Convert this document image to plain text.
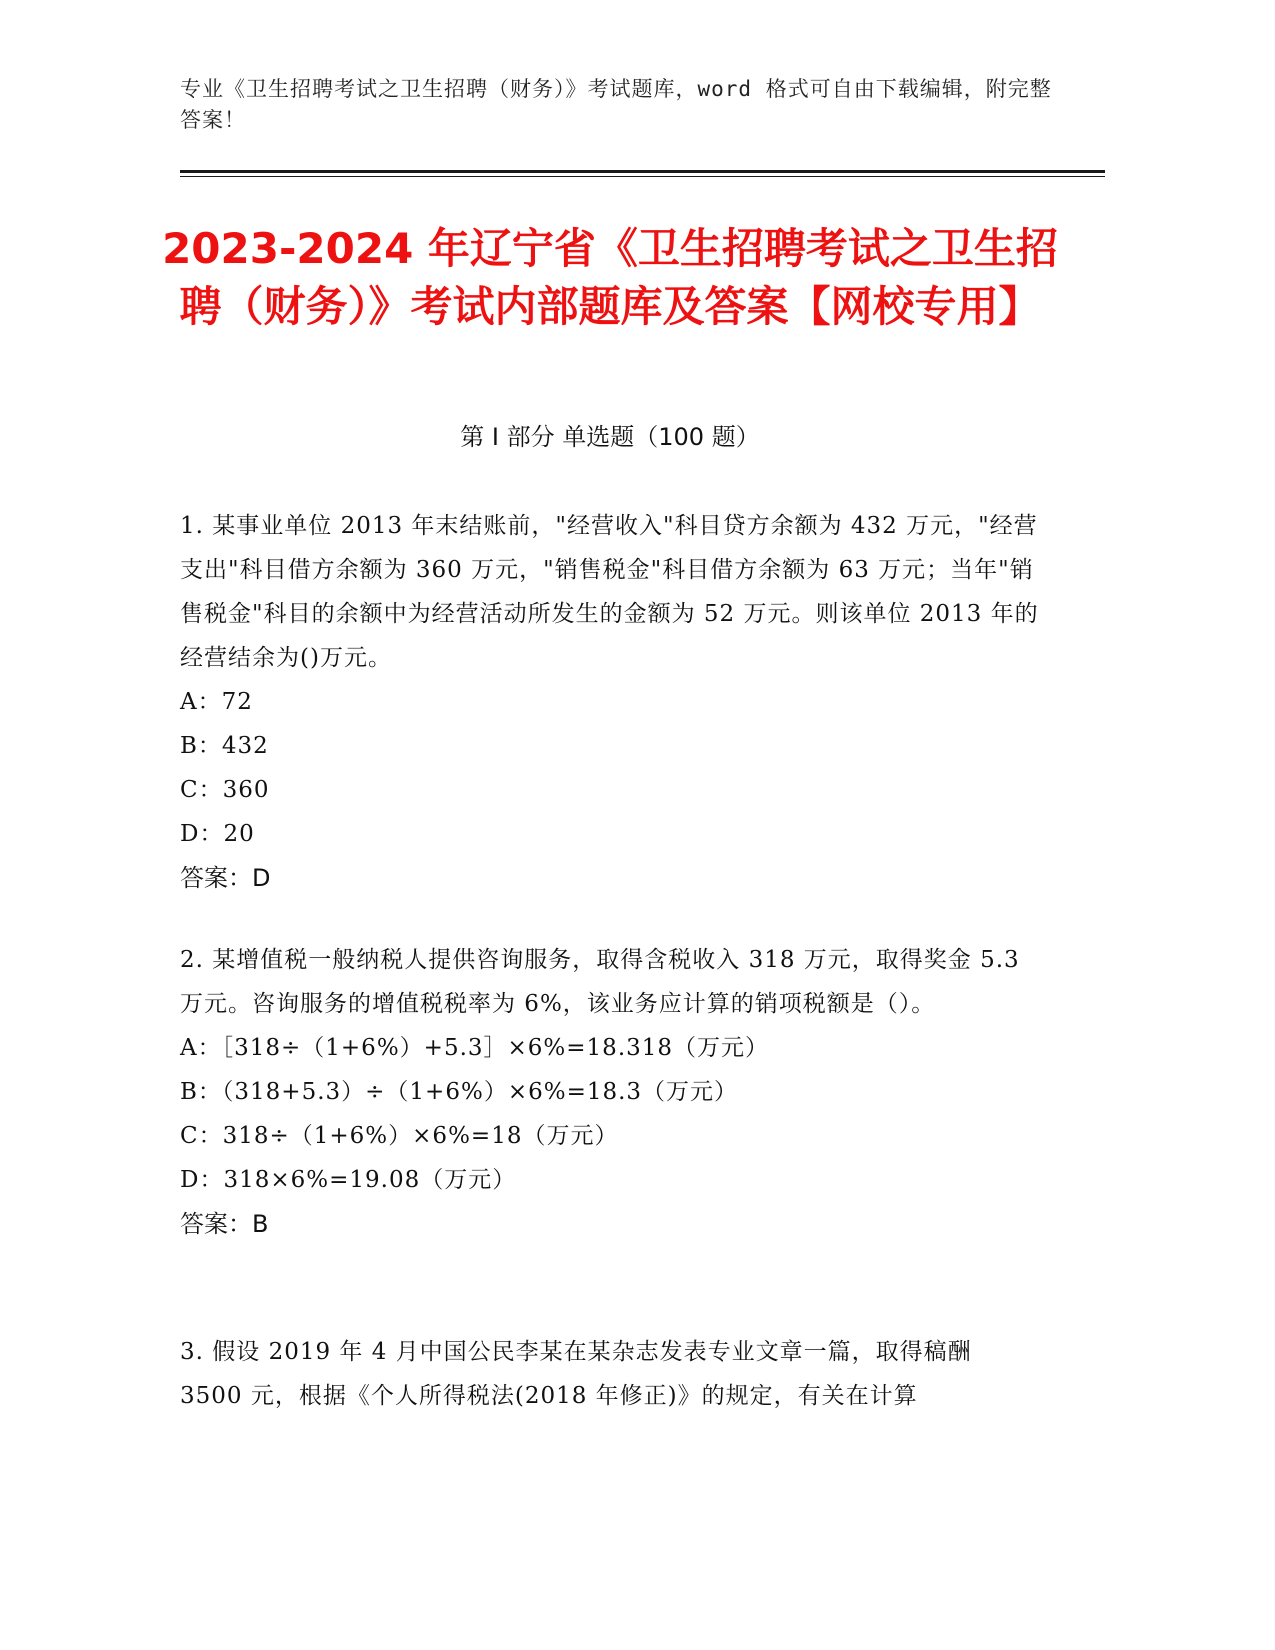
专业《卫生招聘考试之卫生招聘（财务）》考试题库，word 格式可自由下载编辑，附完整答案！
2023-2024 年辽宁省《卫生招聘考试之卫生招聘（财务）》考试内部题库及答案【网校专用】
第 I 部分 单选题（100 题）

1. 某事业单位 2013 年末结账前，"经营收入"科目贷方余额为 432 万元，"经营支出"科目借方余额为 360 万元，"销售税金"科目借方余额为 63 万元；当年"销售税金"科目的余额中为经营活动所发生的金额为 52 万元。则该单位 2013 年的经营结余为()万元。

A：72

B：432

C：360

D：20

答案：D

2. 某增值税一般纳税人提供咨询服务，取得含税收入 318 万元，取得奖金 5.3 万元。咨询服务的增值税税率为 6%，该业务应计算的销项税额是（）。

A：［318÷（1+6%）+5.3］×6%=18.318（万元）

B：（318+5.3）÷（1+6%）×6%=18.3（万元）

C：318÷（1+6%）×6%=18（万元）

D：318×6%=19.08（万元）

答案：B

3. 假设 2019 年 4 月中国公民李某在某杂志发表专业文章一篇，取得稿酬 3500 元，根据《个人所得税法(2018 年修正)》的规定，有关在计算
